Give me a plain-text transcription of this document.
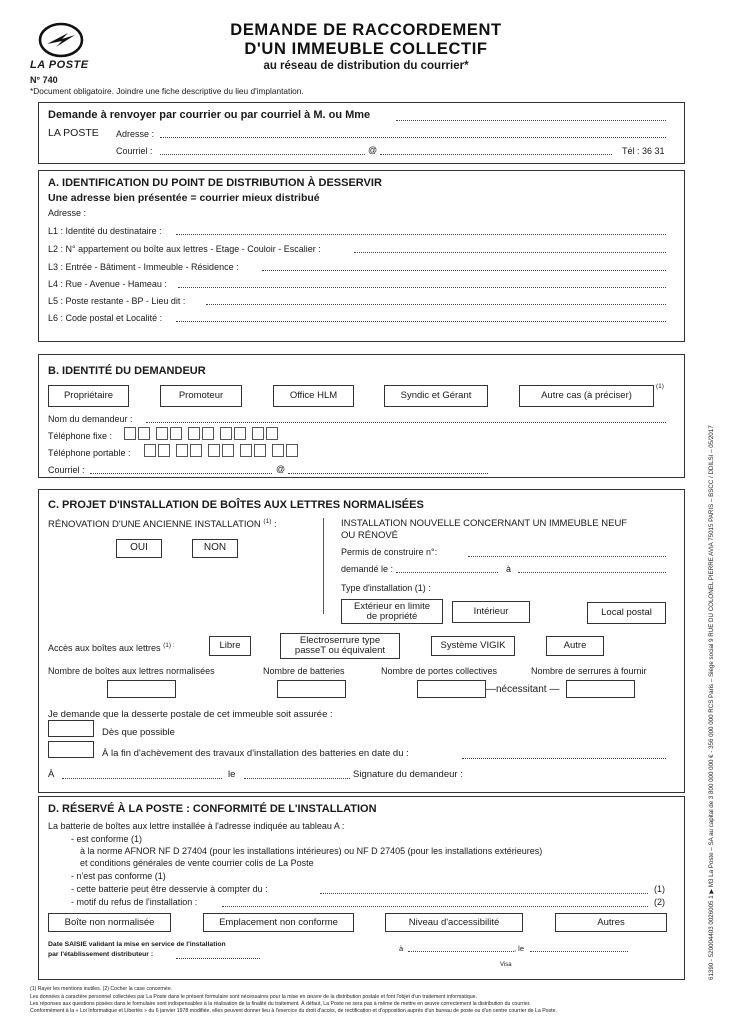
LA POSTE
N° 740
*Document obligatoire. Joindre une fiche descriptive du lieu d'implantation.
DEMANDE DE RACCORDEMENT
D'UN IMMEUBLE COLLECTIF
au réseau de distribution du courrier*
Demande à renvoyer par courrier ou par courriel à M. ou Mme
LA POSTE Adresse :
Courriel :	@	Tél : 36 31
A. IDENTIFICATION DU POINT DE DISTRIBUTION À DESSERVIR
Une adresse bien présentée = courrier mieux distribué
Adresse :
L1 : Identité du destinataire :
L2 : N° appartement ou boîte aux lettres - Etage - Couloir - Escalier :
L3 : Entrée - Bâtiment - Immeuble - Résidence :
L4 : Rue - Avenue - Hameau :
L5 : Poste restante - BP - Lieu dit :
L6 : Code postal et Localité :
B. IDENTITÉ DU DEMANDEUR
Propriétaire	Promoteur	Office HLM	Syndic et Gérant	Autre cas (à préciser)
(1)
Nom du demandeur :
Téléphone fixe :
Téléphone portable :
Courriel :	@
C. PROJET D'INSTALLATION DE BOÎTES AUX LETTRES NORMALISÉES
RÉNOVATION D'UNE ANCIENNE INSTALLATION $^{(1)}$ :
OUI	NON
INSTALLATION NOUVELLE CONCERNANT UN IMMEUBLE NEUF
OU RÉNOVÉ
Permis de construire n°:
demandé le :	à
Type d'installation (1) :
Extérieur en limite de propriété	Intérieur	Local postal
Accès aux boîtes aux lettres $^{(1) :}$	Libre	Electroserrure type passeT ou équivalent	Système VIGIK	Autre
Nombre de boîtes aux lettres normalisées	Nombre de batteries	Nombre de portes collectives	Nombre de serrures à fournir
—nécessitant —
Je demande que la desserte postale de cet immeuble soit assurée :
Dès que possible
À la fin d'achèvement des travaux d'installation des batteries en date du :
À	le	Signature du demandeur :
D. RÉSERVÉ À LA POSTE : CONFORMITÉ DE L'INSTALLATION
La batterie de boîtes aux lettre installée à l'adresse indiquée au tableau A :
- est conforme (1)
à la norme AFNOR NF D 27404 (pour les installations intérieures) ou NF D 27405 (pour les installations extérieures)
et conditions générales de vente courrier colis de La Poste
- n'est pas conforme (1)
- cette batterie peut être desservie à compter du :	(1)
- motif du refus de l'installation :	(2)
Boîte non normalisée	Emplacement non conforme	Niveau d'accessibilité	Autres
Date SAISIE validant la mise en service de l'installation
par l'établissement distributeur :
à	, le
Visa
(1) Rayer les mentions inutiles. (2) Cocher la case concernée.
Les données à caractère personnel collectées par La Poste dans le présent formulaire sont nécessaires pour la mise en œuvre de la distribution postale et font l'objet d'un traitement informatique.
Les réponses aux questions posées dans le formulaire sont indispensables à la réalisation de la finalité du traitement. À défaut, La Poste ne sera pas à même de mettre en œuvre correctement la distribution du courrier.
Conformément à la « Loi Informatique et Libertés » du 6 janvier 1978 modifiée, elles peuvent donner lieu à l'exercice du droit d'accès, de rectification et d'opposition auprès d'un bureau de poste ou d'un centre courrier de La Poste.
61390 - 520004403 0026005 1 ▶ M3 La Poste – SA au capital de 3 800 000 000 € - 356 000 000 RCS Paris – Siège social 9 RUE DU COLONEL PIERRE AVIA 75015 PARIS – BSCC / DDILSI – 05/2017
